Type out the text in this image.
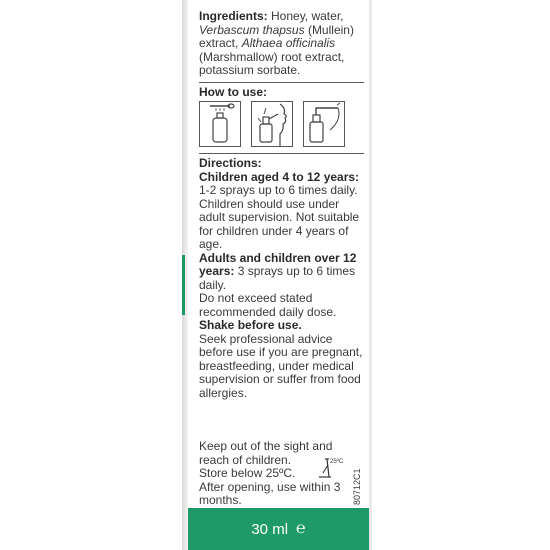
Ingredients: Honey, water, Verbascum thapsus (Mullein) extract, Althaea officinalis (Marshmallow) root extract, potassium sorbate.

How to use:

Directions:

Children aged 4 to 12 years:

1-2 sprays up to 6 times daily. Children should use under adult supervision. Not suitable for children under 4 years of age.

Adults and children over 12 years: 3 sprays up to 6 times daily.

Do not exceed stated recommended daily dose.

Shake before use.

Seek professional advice before use if you are pregnant, breastfeeding, under medical supervision or suffer from food allergies.

Keep out of the sight and reach of children.

Store below 25ºC.

After opening, use within 3 months.

25ºC
80712C1
30 ml ℮
